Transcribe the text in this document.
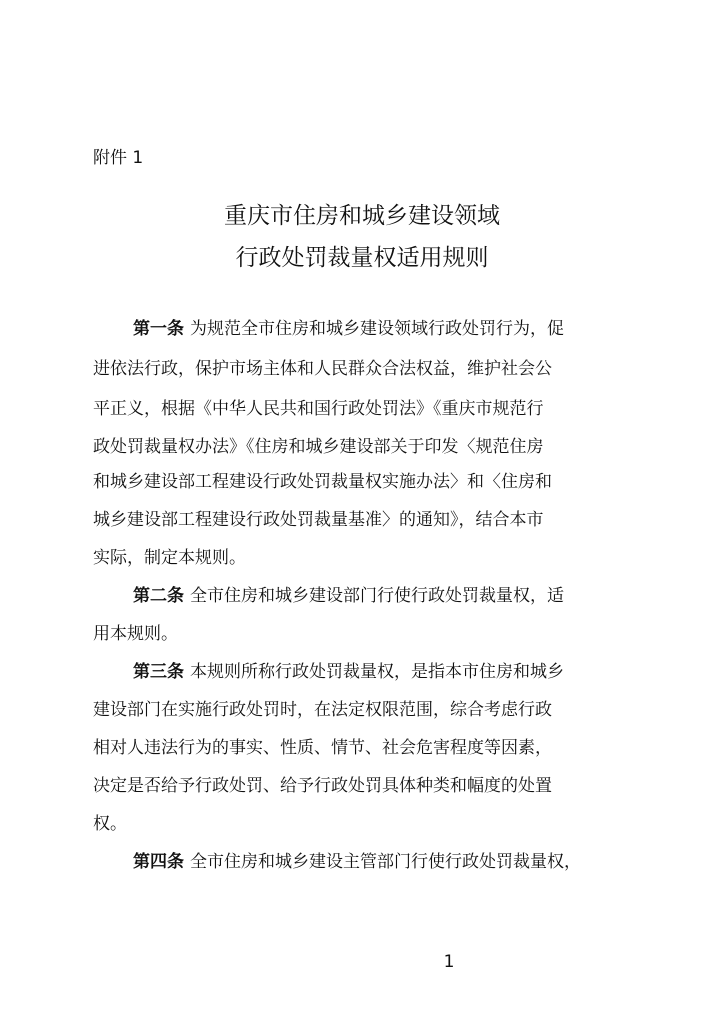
附件 1
重庆市住房和城乡建设领域
行政处罚裁量权适用规则
第一条 为规范全市住房和城乡建设领域行政处罚行为，促
进依法行政，保护市场主体和人民群众合法权益，维护社会公
平正义，根据《中华人民共和国行政处罚法》《重庆市规范行
政处罚裁量权办法》《住房和城乡建设部关于印发〈规范住房
和城乡建设部工程建设行政处罚裁量权实施办法〉和〈住房和
城乡建设部工程建设行政处罚裁量基准〉的通知》，结合本市
实际，制定本规则。
第二条 全市住房和城乡建设部门行使行政处罚裁量权，适
用本规则。
第三条 本规则所称行政处罚裁量权，是指本市住房和城乡
建设部门在实施行政处罚时，在法定权限范围，综合考虑行政
相对人违法行为的事实、性质、情节、社会危害程度等因素，
决定是否给予行政处罚、给予行政处罚具体种类和幅度的处置
权。
第四条 全市住房和城乡建设主管部门行使行政处罚裁量权，
1
